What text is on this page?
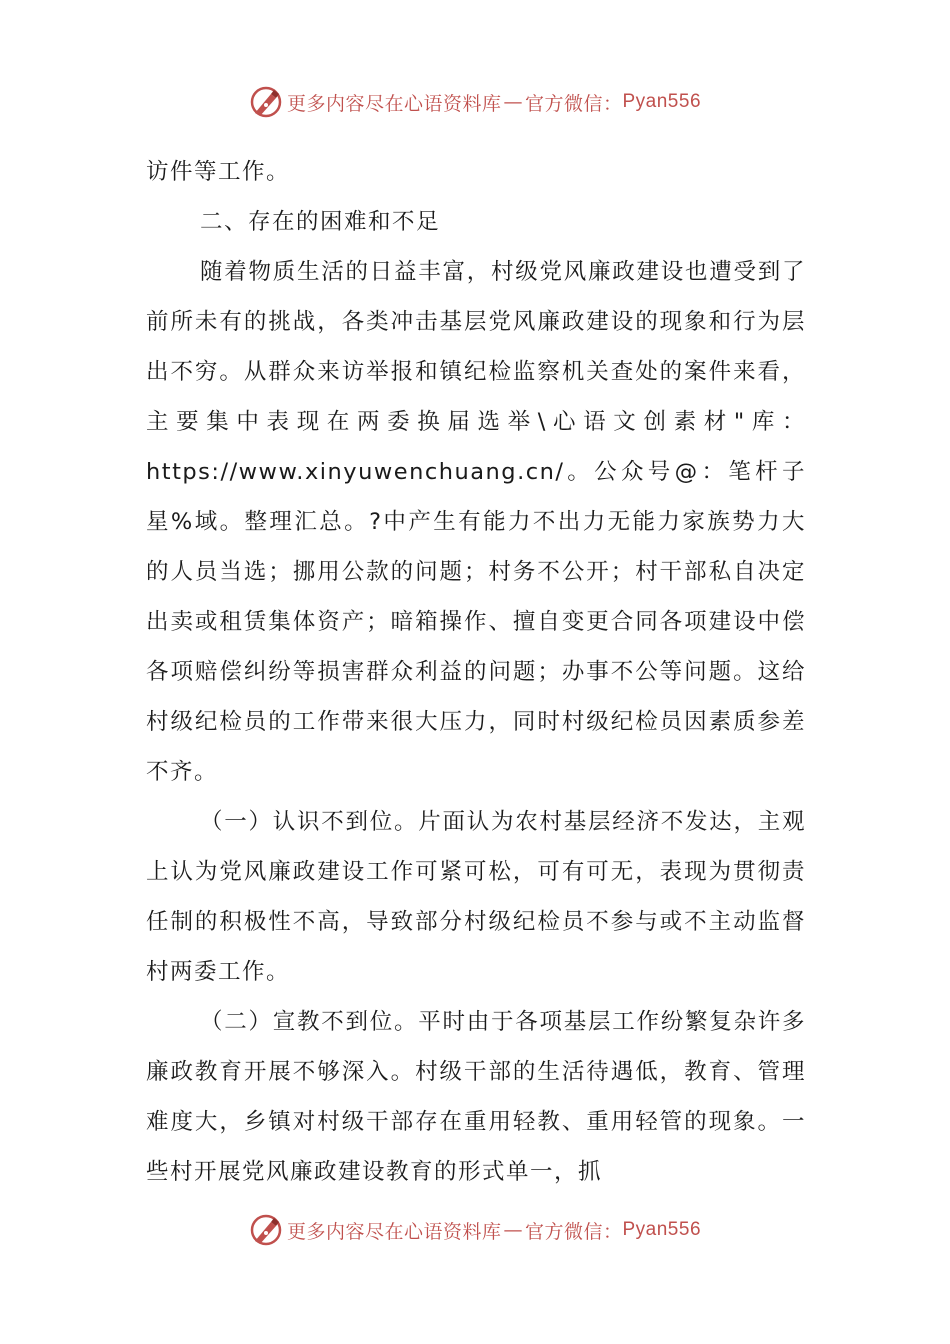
更多内容尽在心语资料库 — 官方微信： Pyan556

访件等工作。

二、存在的困难和不足

随着物质生活的日益丰富，村级党风廉政建设也遭受到了前所未有的挑战，各类冲击基层党风廉政建设的现象和行为层出不穷。从群众来访举报和镇纪检监察机关查处的案件来看，主要集中表现在两委换届选举\心语文创素材"库：https://www.xinyuwenchuang.cn/。公众号@：笔杆子星%域。整理汇总。?中产生有能力不出力无能力家族势力大的人员当选；挪用公款的问题；村务不公开；村干部私自决定出卖或租赁集体资产；暗箱操作、擅自变更合同各项建设中偿各项赔偿纠纷等损害群众利益的问题；办事不公等问题。这给村级纪检员的工作带来很大压力，同时村级纪检员因素质参差不齐。

（一）认识不到位。片面认为农村基层经济不发达，主观上认为党风廉政建设工作可紧可松，可有可无，表现为贯彻责任制的积极性不高，导致部分村级纪检员不参与或不主动监督村两委工作。

（二）宣教不到位。平时由于各项基层工作纷繁复杂许多廉政教育开展不够深入。村级干部的生活待遇低，教育、管理难度大，乡镇对村级干部存在重用轻教、重用轻管的现象。一些村开展党风廉政建设教育的形式单一，抓

更多内容尽在心语资料库 — 官方微信： Pyan556
